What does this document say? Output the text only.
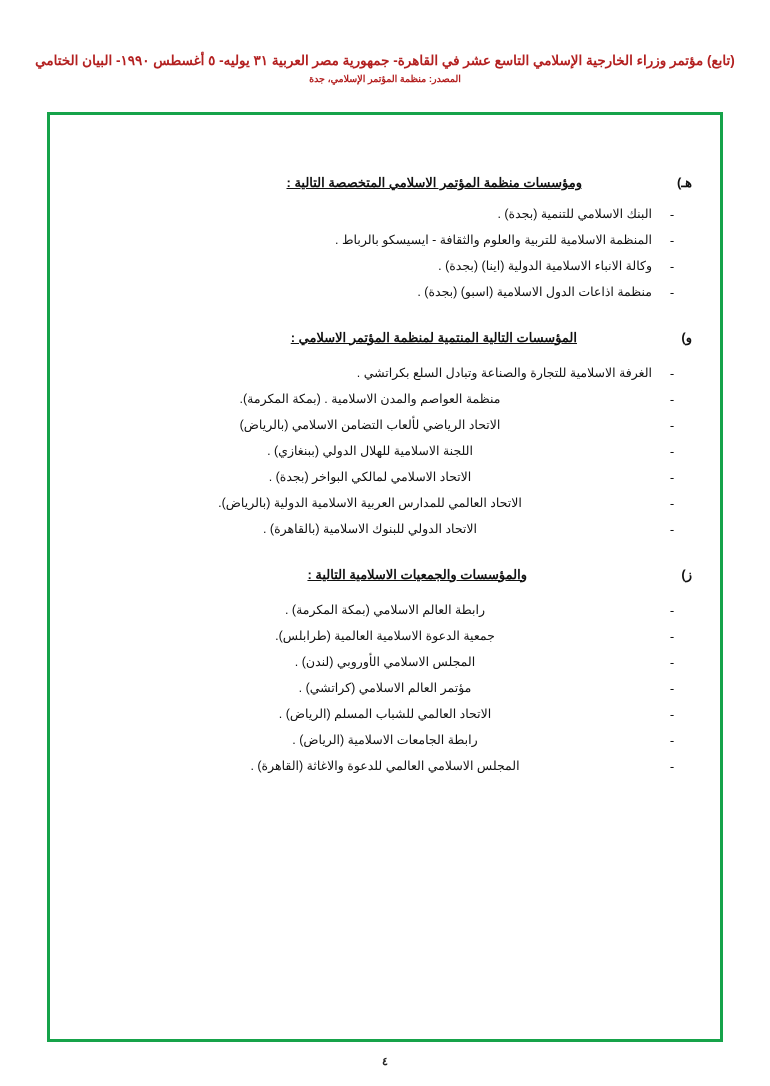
(تابع) مؤتمر وزراء الخارجية الإسلامي التاسع عشر في القاهرة- جمهورية مصر العربية ٣١ يوليه- ٥ أغسطس ١٩٩٠- البيان الختامي
المصدر: منظمة المؤتمر الإسلامي، جدة
هـ)
ومؤسسات منظمة المؤتمر الاسلامي المتخصصة التالية :
-
البنك الاسلامي للتنمية (بجدة) .
-
المنظمة الاسلامية للتربية والعلوم والثقافة - ايسيسكو بالرباط .
-
وكالة الانباء الاسلامية الدولية (اينا) (بجدة) .
-
منظمة اذاعات الدول الاسلامية (اسبو) (بجدة) .
و)
المؤسسات التالية المنتمية لمنظمة المؤتمر الاسلامي :
-
الغرفة الاسلامية للتجارة والصناعة وتبادل السلع بكراتشي .
-
منظمة العواصم والمدن الاسلامية . (بمكة المكرمة).
-
الاتحاد الرياضي لألعاب التضامن الاسلامي (بالرياض)
-
اللجنة الاسلامية للهلال الدولي (ببنغازي) .
-
الاتحاد الاسلامي لمالكي البواخر (بجدة) .
-
الاتحاد العالمي للمدارس العربية الاسلامية الدولية (بالرياض).
-
الاتحاد الدولي للبنوك الاسلامية (بالقاهرة) .
ز)
والمؤسسات والجمعيات الاسلامية التالية :
-
رابطة العالم الاسلامي (بمكة المكرمة) .
-
جمعية الدعوة الاسلامية العالمية (طرابلس).
-
المجلس الاسلامي الأوروبي (لندن) .
-
مؤتمر العالم الاسلامي (كراتشي) .
-
الاتحاد العالمي للشباب المسلم (الرياض) .
-
رابطة الجامعات الاسلامية (الرياض) .
-
المجلس الاسلامي العالمي للدعوة والاغاثة (القاهرة) .
٤
